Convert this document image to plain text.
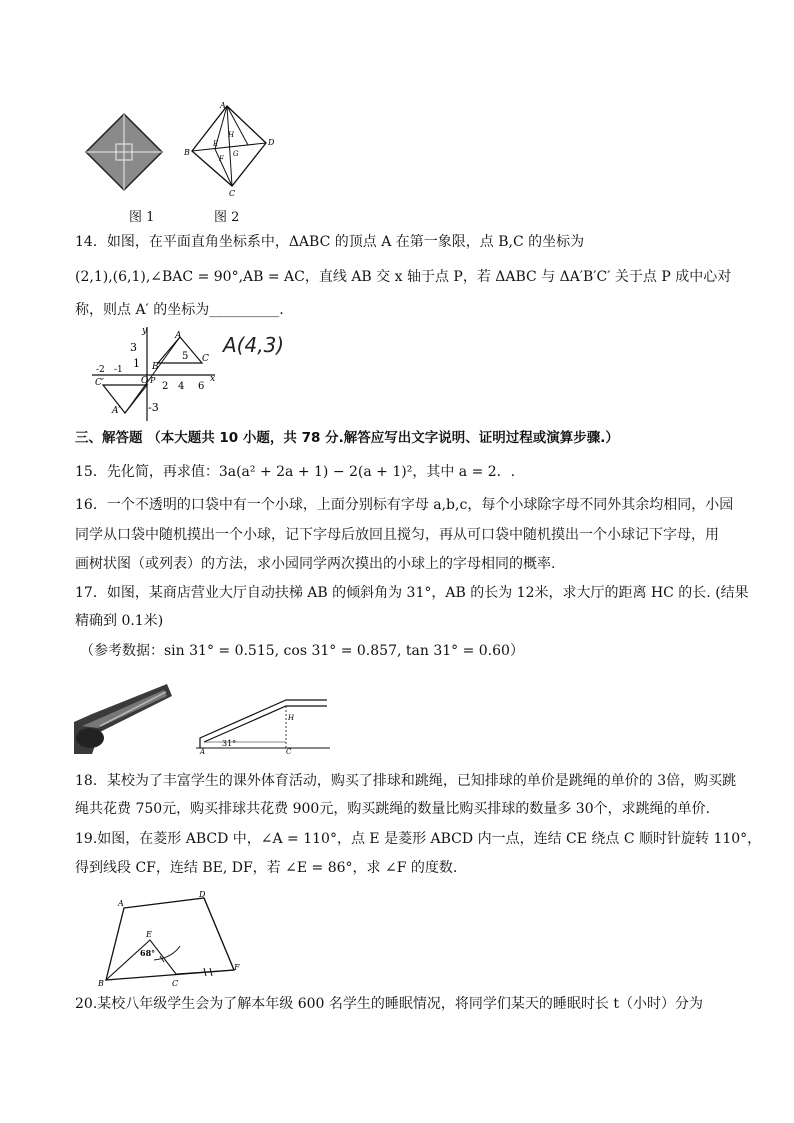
A
B
C
D
E
F
G
H
图 1	图 2
14．如图，在平面直角坐标系中，ΔABC 的顶点 A 在第一象限，点 B,C 的坐标为
(2,1),(6,1),∠BAC = 90°,AB = AC，直线 AB 交 x 轴于点 P，若 ΔABC 与 ΔA′B′C′ 关于点 P 成中心对
称，则点 A′ 的坐标为__________.
y
x
A
B
C
O P
C′
A′
3
1
5
2 4 6
-3
-1
-2
A(4,3)
三、解答题 （本大题共 10 小题，共 78 分.解答应写出文字说明、证明过程或演算步骤.）
15．先化简，再求值：3a(a² + 2a + 1) − 2(a + 1)²，其中 a = 2．.
16．一个不透明的口袋中有一个小球，上面分别标有字母 a,b,c，每个小球除字母不同外其余均相同，小园
同学从口袋中随机摸出一个小球，记下字母后放回且搅匀，再从可口袋中随机摸出一个小球记下字母，用
画树状图（或列表）的方法，求小园同学两次摸出的小球上的字母相同的概率.
17．如图，某商店营业大厅自动扶梯 AB 的倾斜角为 31°，AB 的长为 12米，求大厅的距离 HC 的长. (结果
精确到 0.1米)
（参考数据：sin 31° = 0.515, cos 31° = 0.857, tan 31° = 0.60）
H
A	C
31°
18．某校为了丰富学生的课外体育活动，购买了排球和跳绳，已知排球的单价是跳绳的单价的 3倍，购买跳
绳共花费 750元，购买排球共花费 900元，购买跳绳的数量比购买排球的数量多 30个，求跳绳的单价.
19.如图，在菱形 ABCD 中，∠A = 110°，点 E 是菱形 ABCD 内一点，连结 CE 绕点 C 顺时针旋转 110°，
得到线段 CF，连结 BE, DF，若 ∠E = 86°，求 ∠F 的度数.
A
D
B	C
E
F
68°
20.某校八年级学生会为了解本年级 600 名学生的睡眠情况，将同学们某天的睡眠时长 t（小时）分为
